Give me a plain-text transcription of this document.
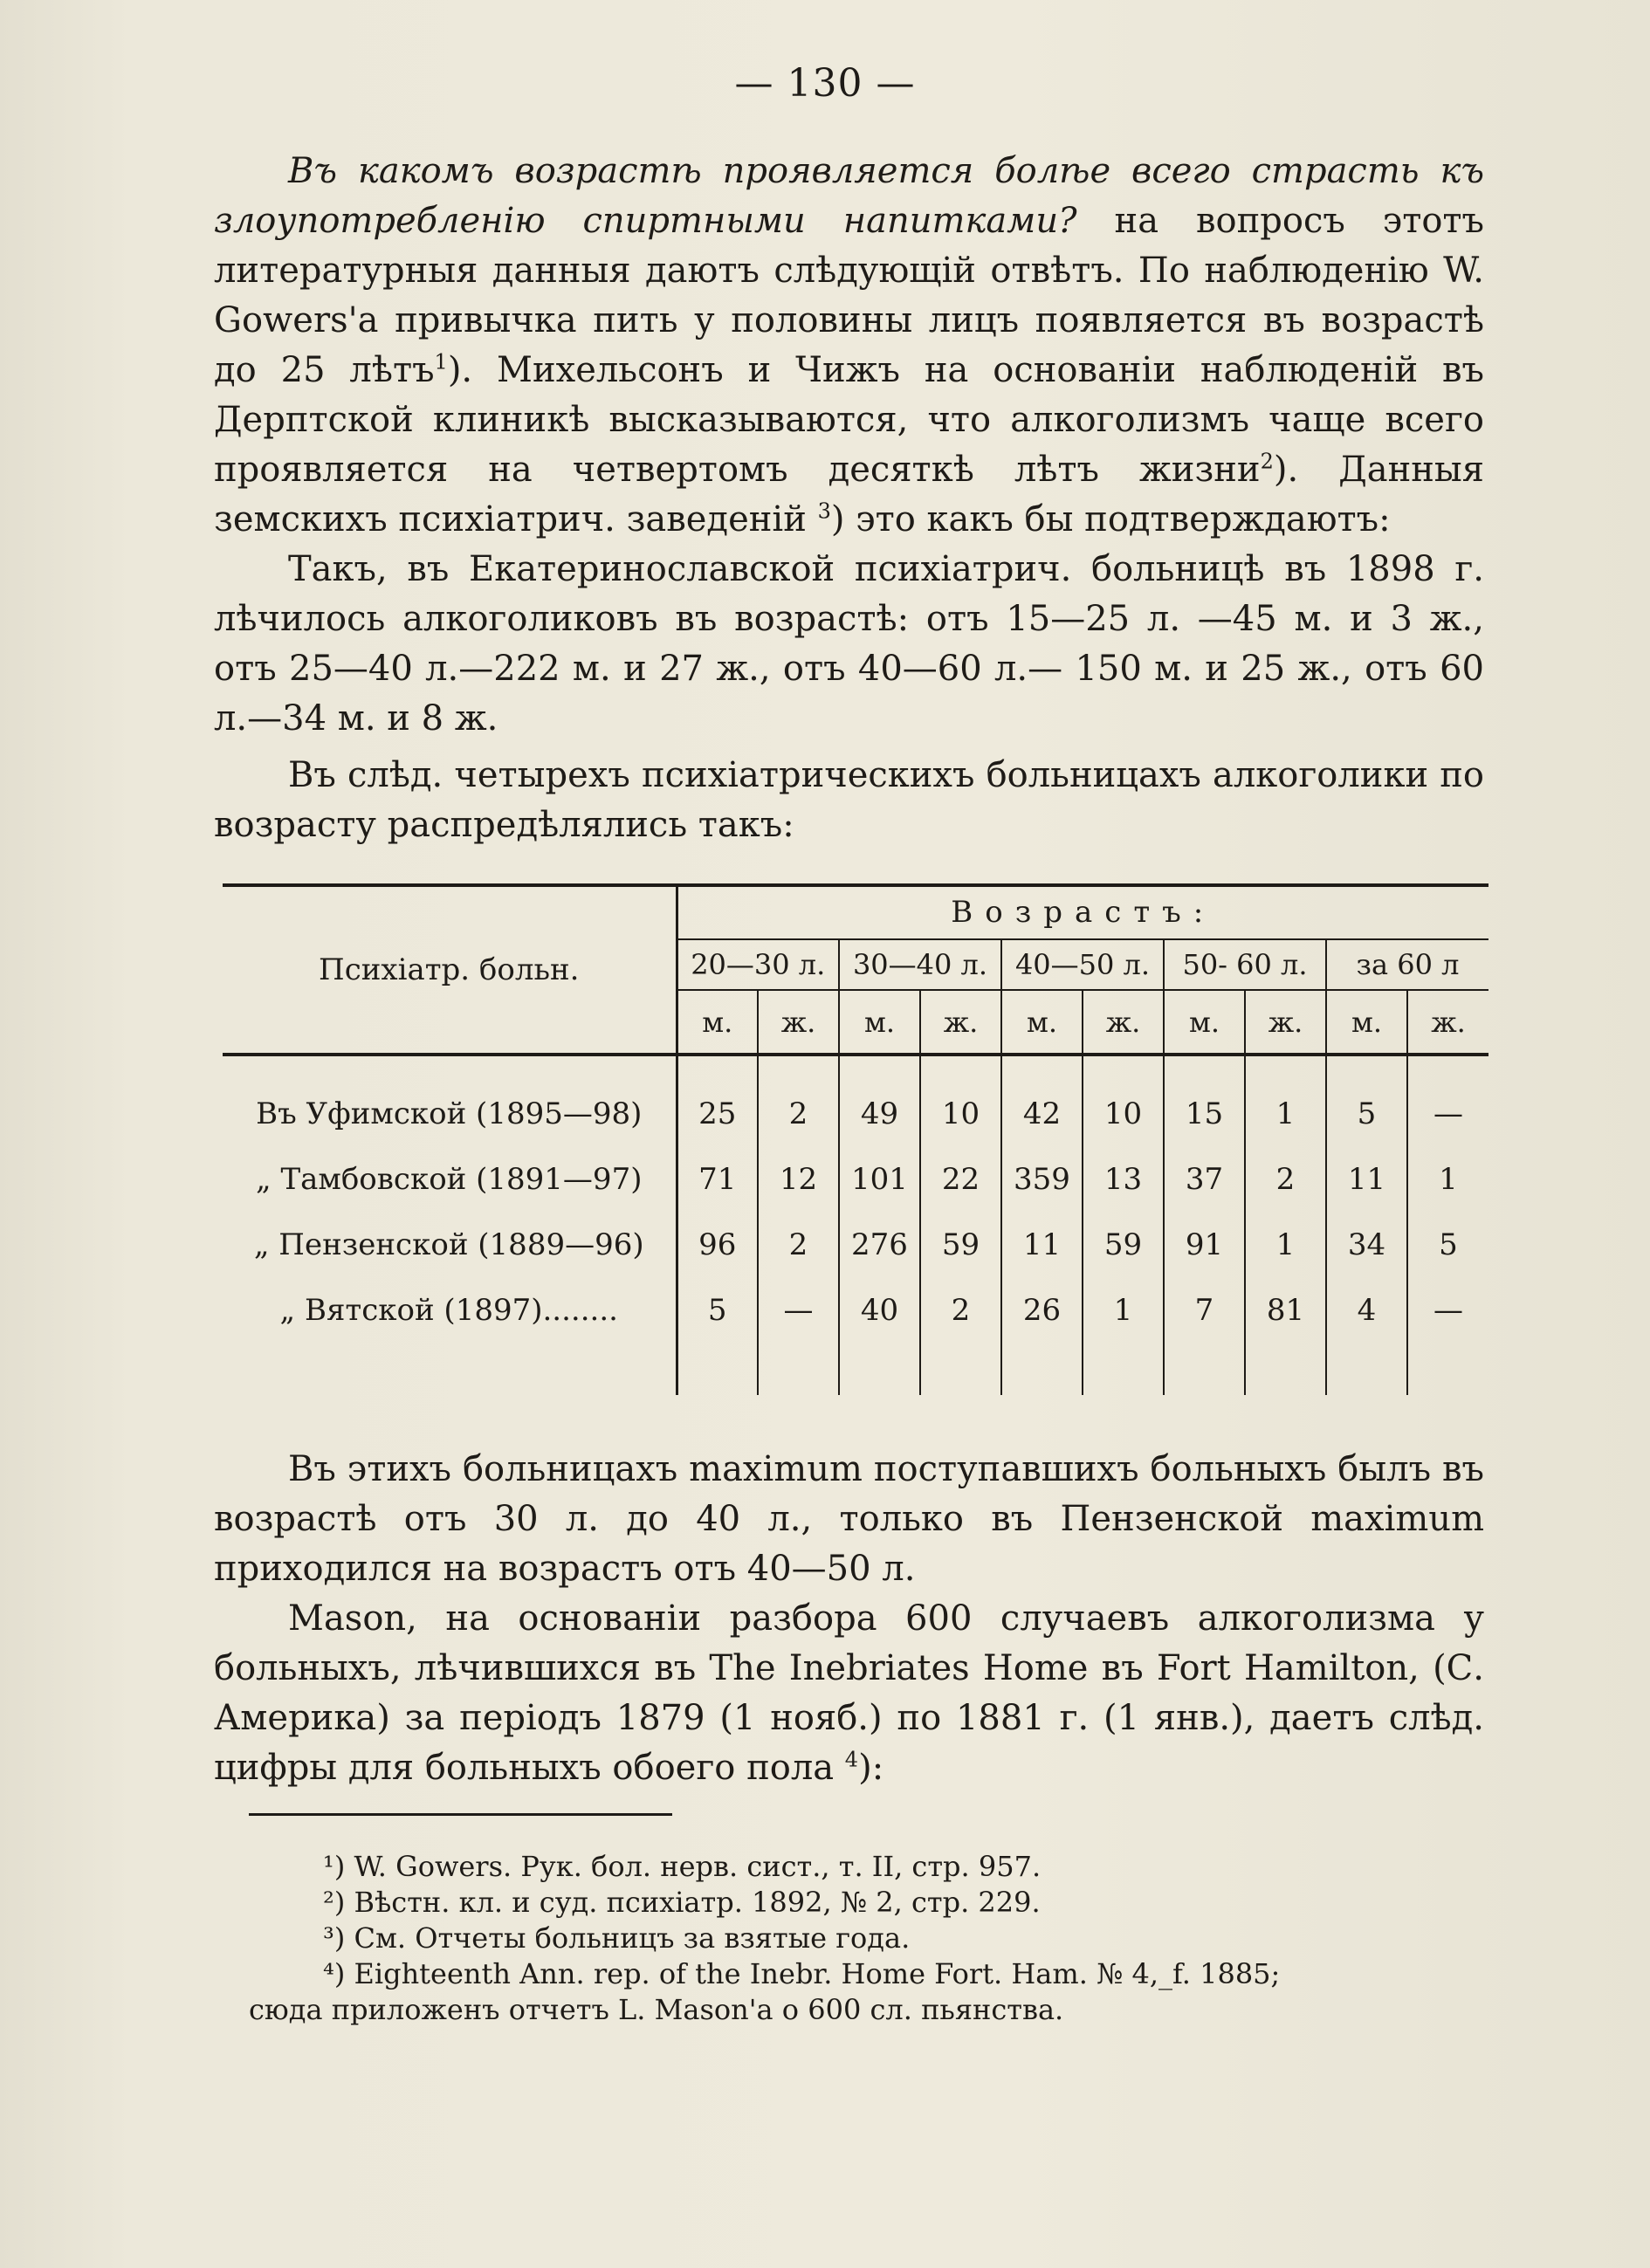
— 130 —

Въ какомъ возрастѣ проявляется болѣе всего страсть къ злоупотребленію спиртными напитками? на вопросъ этотъ литературныя данныя даютъ слѣдующій отвѣтъ. По наблюденію W. Gowers'а привычка пить у половины лицъ появляется въ возрастѣ до 25 лѣтъ$^1$). Михельсонъ и Чижъ на основаніи наблюденій въ Дерптской клиникѣ высказываются, что алкоголизмъ чаще всего проявляется на четвертомъ десяткѣ лѣтъ жизни$^2$). Данныя земскихъ психіатрич. заведеній $^3$) это какъ бы подтверждаютъ:

Такъ, въ Екатеринославской психіатрич. больницѣ въ 1898 г. лѣчилось алкоголиковъ въ возрастѣ: отъ 15—25 л. —45 м. и 3 ж., отъ 25—40 л.—222 м. и 27 ж., отъ 40—60 л.— 150 м. и 25 ж., отъ 60 л.—34 м. и 8 ж.

Въ слѣд. четырехъ психіатрическихъ больницахъ алкоголики по возрасту распредѣлялись такъ:

Психіатр. больн.	Возрастъ:									
	20—30 л.		30—40 л.		40—50 л.		50- 60 л.		за 60 л	
	м.	ж.	м.	ж.	м.	ж.	м.	ж.	м.	ж.

Въ Уфимской (1895—98)	25	2	49	10	42	10	15	1	5	—
„ Тамбовской (1891—97)	71	12	101	22	359	13	37	2	11	1
„ Пензенской (1889—96)	96	2	276	59	11	59	91	1	34	5
„ Вятской (1897)........	5	—	40	2	26	1	7	81	4	—

Въ этихъ больницахъ maximum поступавшихъ больныхъ былъ въ возрастѣ отъ 30 л. до 40 л., только въ Пензенской maximum приходился на возрастъ отъ 40—50 л.

Mason, на основаніи разбора 600 случаевъ алкоголизма у больныхъ, лѣчившихся въ The Inebriates Home въ Fort Hamilton, (С. Америка) за періодъ 1879 (1 нояб.) по 1881 г. (1 янв.), даетъ слѣд. цифры для больныхъ обоего пола $^4$):

¹) W. Gowers. Рук. бол. нерв. сист., т. II, стр. 957.

²) Вѣстн. кл. и суд. психіатр. 1892, № 2, стр. 229.

³) См. Отчеты больницъ за взятые года.

⁴) Eighteenth Ann. rep. of the Inebr. Home Fort. Ham. № 4,_f. 1885;

сюда приложенъ отчетъ L. Mason'а о 600 сл. пьянства.
